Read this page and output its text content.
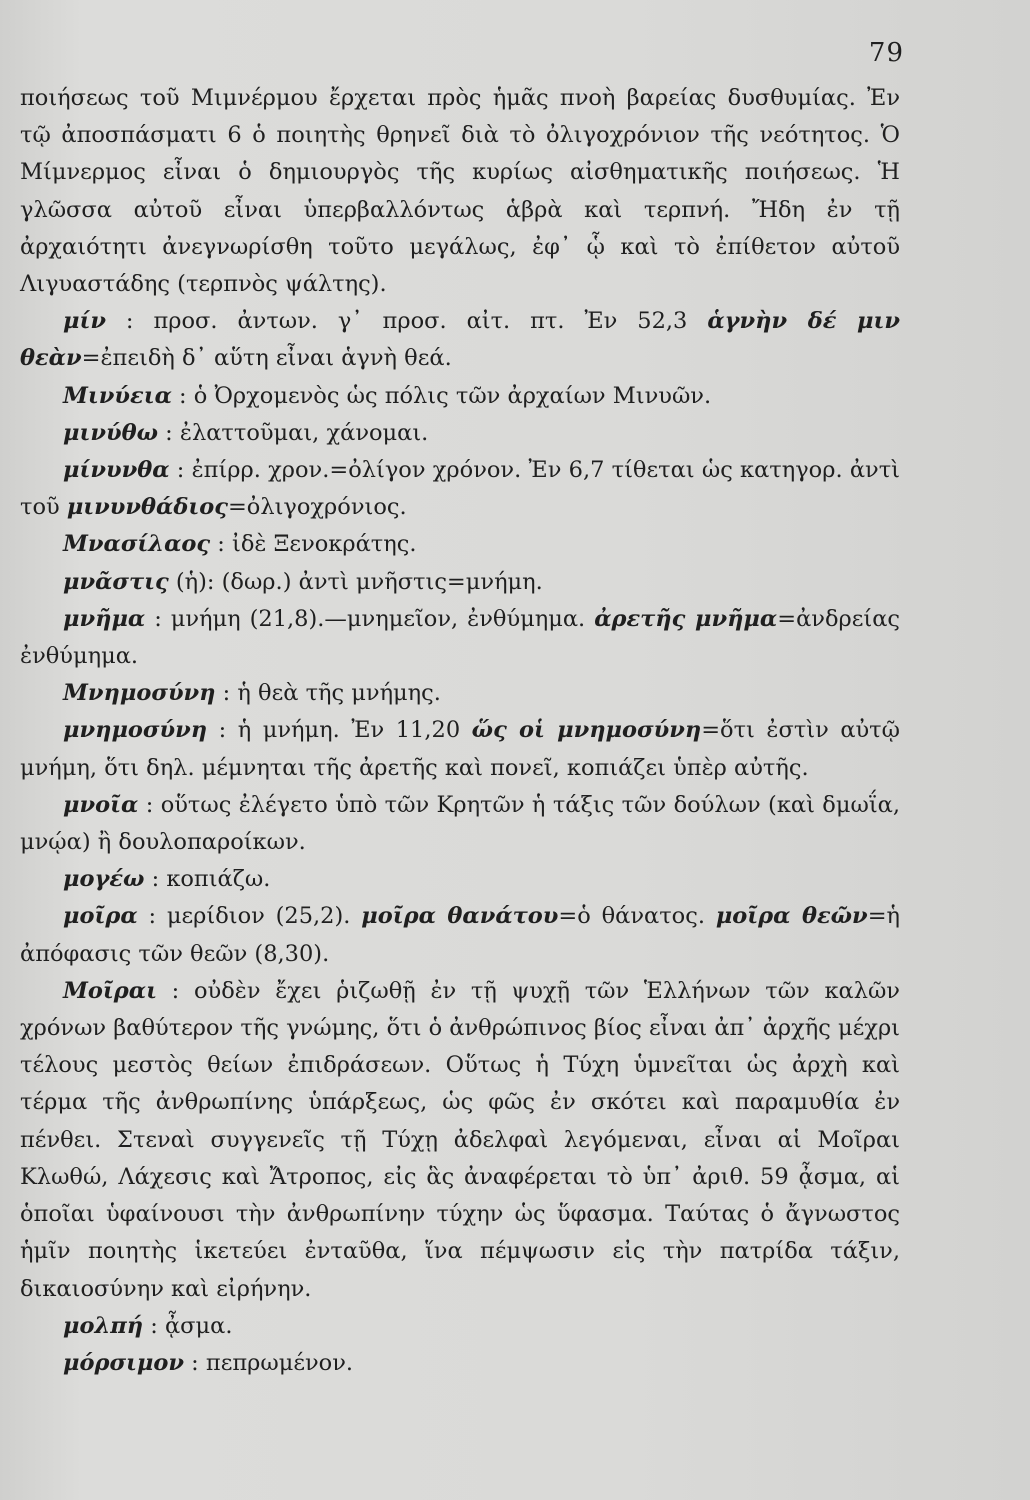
79

ποιήσεως τοῦ Μιμνέρμου ἔρχεται πρὸς ἡμᾶς πνοὴ βαρείας δυσθυμίας. Ἐν τῷ ἀποσπάσματι 6 ὁ ποιητὴς θρηνεῖ διὰ τὸ ὀλιγοχρόνιον τῆς νεότητος. Ὁ Μίμνερμος εἶναι ὁ δημιουργὸς τῆς κυρίως αἰσθηματικῆς ποιήσεως. Ἡ γλῶσσα αὐτοῦ εἶναι ὑπερβαλλόντως ἁβρὰ καὶ τερπνή. Ἤδη ἐν τῇ ἀρχαιότητι ἀνεγνωρίσθη τοῦτο μεγάλως, ἐφ᾽ ᾧ καὶ τὸ ἐπίθετον αὐτοῦ Λιγυαστάδης (τερπνὸς ψάλτης).

μίν : προσ. ἀντων. γ᾽ προσ. αἰτ. πτ. Ἐν 52,3 ἁγνὴν δέ μιν θεὰν=ἐπειδὴ δ᾽ αὕτη εἶναι ἁγνὴ θεά.

Μινύεια : ὁ Ὀρχομενὸς ὡς πόλις τῶν ἀρχαίων Μινυῶν.

μινύθω : ἐλαττοῦμαι, χάνομαι.

μίνυνθα : ἐπίρρ. χρον.=ὀλίγον χρόνον. Ἐν 6,7 τίθεται ὡς κατηγορ. ἀντὶ τοῦ μινυνθάδιος=ὀλιγοχρόνιος.

Μνασίλαος : ἰδὲ Ξενοκράτης.

μνᾶστις (ἡ): (δωρ.) ἀντὶ μνῆστις=μνήμη.

μνῆμα : μνήμη (21,8).—μνημεῖον, ἐνθύμημα. ἀρετῆς μνῆμα=ἀνδρείας ἐνθύμημα.

Μνημοσύνη : ἡ θεὰ τῆς μνήμης.

μνημοσύνη : ἡ μνήμη. Ἐν 11,20 ὥς οἱ μνημοσύνη=ὅτι ἐστὶν αὐτῷ μνήμη, ὅτι δηλ. μέμνηται τῆς ἀρετῆς καὶ πονεῖ, κοπιάζει ὑπὲρ αὐτῆς.

μνοῖα : οὕτως ἐλέγετο ὑπὸ τῶν Κρητῶν ἡ τάξις τῶν δούλων (καὶ δμωΐα, μνῴα) ἢ δουλοπαροίκων.

μογέω : κοπιάζω.

μοῖρα : μερίδιον (25,2). μοῖρα θανάτου=ὁ θάνατος. μοῖρα θεῶν=ἡ ἀπόφασις τῶν θεῶν (8,30).

Μοῖραι : οὐδὲν ἔχει ῥιζωθῇ ἐν τῇ ψυχῇ τῶν Ἑλλήνων τῶν καλῶν χρόνων βαθύτερον τῆς γνώμης, ὅτι ὁ ἀνθρώπινος βίος εἶναι ἀπ᾽ ἀρχῆς μέχρι τέλους μεστὸς θείων ἐπιδράσεων. Οὕτως ἡ Τύχη ὑμνεῖται ὡς ἀρχὴ καὶ τέρμα τῆς ἀνθρωπίνης ὑπάρξεως, ὡς φῶς ἐν σκότει καὶ παραμυθία ἐν πένθει. Στεναὶ συγγενεῖς τῇ Τύχῃ ἀδελφαὶ λεγόμεναι, εἶναι αἱ Μοῖραι Κλωθώ, Λάχεσις καὶ Ἄτροπος, εἰς ἃς ἀναφέρεται τὸ ὑπ᾽ ἀριθ. 59 ᾆσμα, αἱ ὁποῖαι ὑφαίνουσι τὴν ἀνθρωπίνην τύχην ὡς ὕφασμα. Ταύτας ὁ ἄγνωστος ἡμῖν ποιητὴς ἱκετεύει ἐνταῦθα, ἵνα πέμψωσιν εἰς τὴν πατρίδα τάξιν, δικαιοσύνην καὶ εἰρήνην.

μολπή : ᾆσμα.

μόρσιμον : πεπρωμένον.
